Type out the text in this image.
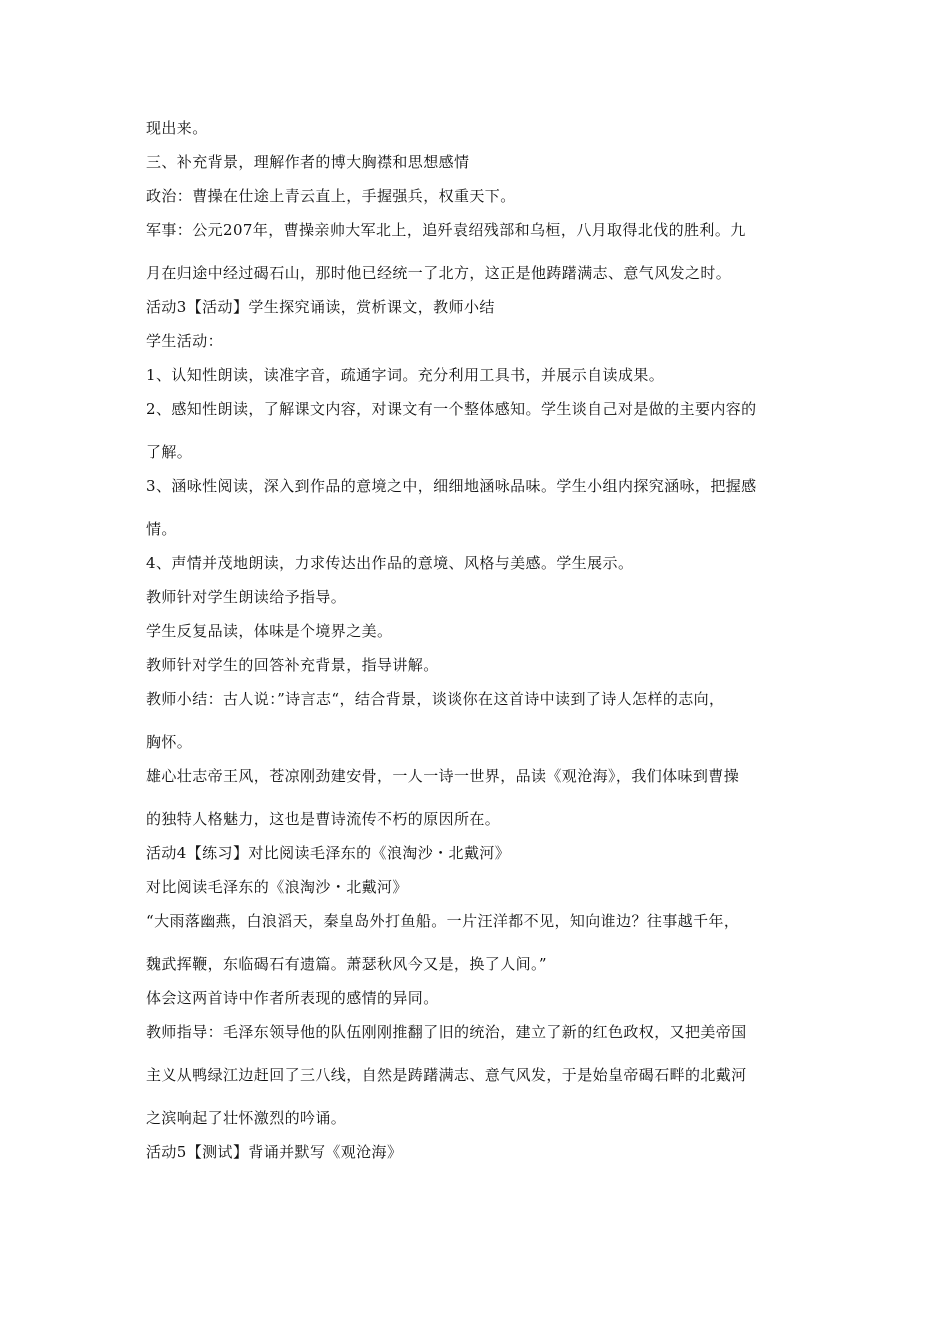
现出来。
三、补充背景，理解作者的博大胸襟和思想感情
政治：曹操在仕途上青云直上，手握强兵，权重天下。
军事：公元207年，曹操亲帅大军北上，追歼袁绍残部和乌桓，八月取得北伐的胜利。九
月在归途中经过碣石山，那时他已经统一了北方，这正是他踌躇满志、意气风发之时。
活动3【活动】学生探究诵读，赏析课文，教师小结
学生活动：
1、认知性朗读，读准字音，疏通字词。充分利用工具书，并展示自读成果。
2、感知性朗读，了解课文内容，对课文有一个整体感知。学生谈自己对是做的主要内容的
了解。
3、涵咏性阅读，深入到作品的意境之中，细细地涵咏品味。学生小组内探究涵咏，把握感
情。
4、声情并茂地朗读，力求传达出作品的意境、风格与美感。学生展示。
教师针对学生朗读给予指导。
学生反复品读，体味是个境界之美。
教师针对学生的回答补充背景，指导讲解。
教师小结：古人说：”诗言志“，结合背景，谈谈你在这首诗中读到了诗人怎样的志向，
胸怀。
雄心壮志帝王风，苍凉刚劲建安骨，一人一诗一世界，品读《观沧海》，我们体味到曹操
的独特人格魅力，这也是曹诗流传不朽的原因所在。
活动4【练习】对比阅读毛泽东的《浪淘沙・北戴河》
对比阅读毛泽东的《浪淘沙・北戴河》
“大雨落幽燕，白浪滔天，秦皇岛外打鱼船。一片汪洋都不见，知向谁边？往事越千年，
魏武挥鞭，东临碣石有遗篇。萧瑟秋风今又是，换了人间。”
体会这两首诗中作者所表现的感情的异同。
教师指导：毛泽东领导他的队伍刚刚推翻了旧的统治，建立了新的红色政权，又把美帝国
主义从鸭绿江边赶回了三八线，自然是踌躇满志、意气风发，于是始皇帝碣石畔的北戴河
之滨响起了壮怀激烈的吟诵。
活动5【测试】背诵并默写《观沧海》
